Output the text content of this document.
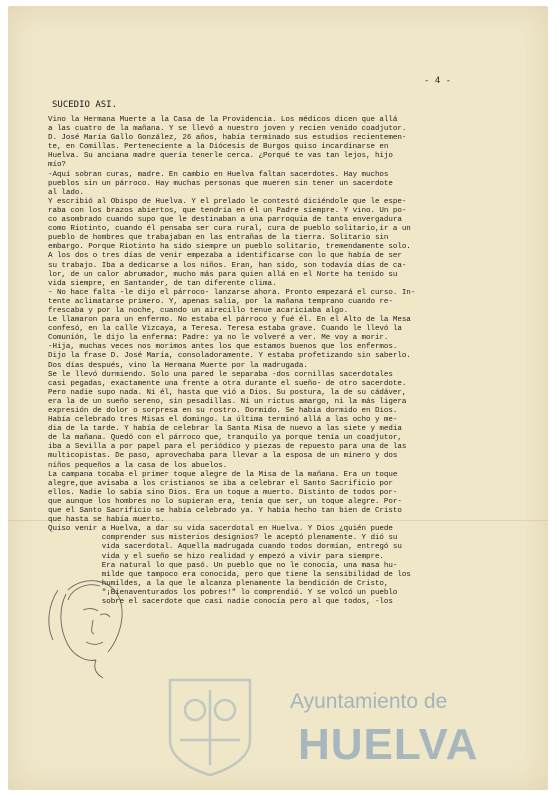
- 4 -
SUCEDIO ASI.
Vino la Hermana Muerte a la Casa de la Providencia. Los médicos dicen que allá
a las cuatro de la mañana. Y se llevó a nuestro joven y recien venido coadjutor.
D. José María Gallo González, 26 años, había terminado sus estudios recientemen-
te, en Comillas. Perteneciente a la Diócesis de Burgos quiso incardinarse en
Huelva. Su anciana madre quería tenerle cerca. ¿Porqué te vas tan lejos, hijo
mío?
-Aquí sobran curas, madre. En cambio en Huelva faltan sacerdotes. Hay muchos
pueblos sin un párroco. Hay muchas personas que mueren sin tener un sacerdote
al lado.
Y escribió al Obispo de Huelva. Y el prelado le contestó diciéndole que le espe-
raba con los brazos abiertos, que tendría en él un Padre siempre. Y vino. Un po-
co asombrado cuando supo que le destinaban a una parroquia de tanta envergadura
como Riotinto, cuando él pensaba ser cura rural, cura de pueblo solitario,ir a un
pueblo de hombres que trabajaban en las entrañas de la tierra. Solitario sin
embargo. Porque Riotinto ha sido siempre un pueblo solitario, tremendamente solo.
A los dos o tres días de venir empezaba a identificarse con lo que había de ser
su trabajo. Iba a dedicarse a los niños. Eran, han sido, son todavía días de ca-
lor, de un calor abrumador, mucho más para quien allá en el Norte ha tenido su
vida siempre, en Santander, de tan diferente clima.
- No hace falta -le dijo el párroco- lanzarse ahora. Pronto empezará el curso. In-
tente aclimatarse primero. Y, apenas salía, por la mañana temprano cuando re-
frescaba y por la noche, cuando un airecillo tenue acariciaba algo.
Le llamaron para un enfermo. No estaba el párroco y fué él. En el Alto de la Mesa
confesó, en la calle Vizcaya, a Teresa. Teresa estaba grave. Cuando le llevó la
Comunión, le dijo la enferma: Padre: ya no le volveré a ver. Me voy a morir.
-Hija, muchas veces nos morimos antes los que estamos buenos que los enfermos.
Dijo la frase D. José María, consoladoramente. Y estaba profetizando sin saberlo.
Dos días después, vino la Hermana Muerte por la madrugada.
Se le llevó durmiendo. Solo una pared le separaba -dos cornillas sacerdotales
casi pegadas, exactamente una frente a otra durante el sueño- de otro sacerdote.
Pero nadie supo nada. Ni él, hasta que vió a Dios. Su postura, la de su cádáver,
era la de un sueño sereno, sin pesadillas. Ni un rictus amargo, ni la más ligera
expresión de dolor o sorpresa en su rostro. Dormido. Se había dormido en Dios.
Había celebrado tres Misas el domingo. La última terminó allá a las ocho y me-
dia de la tarde. Y había de celebrar la Santa Misa de nuevo a las siete y media
de la mañana. Quedó con el párroco que, tranquilo ya porque tenía un coadjutor,
iba a Sevilla a por papel para el periódico y piezas de repuesto para una de las
multicopistas. De paso, aprovechaba para llevar a la esposa de un minero y dos
niños pequeños a la casa de los abuelos.
La campana tocaba el primer toque alegre de la Misa de la mañana. Era un toque
alegre,que avisaba a los cristianos se iba a celebrar el Santo Sacrificio por
ellos. Nadie lo sabía sino Dios. Era un toque a muerto. Distinto de todos por-
que aunque los hombres no lo supieran era, tenía que ser, un toque alegre. Por-
que el Santo Sacrificio se había celebrado ya. Y había hecho tan bien de Cristo
que hasta se había muerto.
Quiso venir a Huelva, a dar su vida sacerdotal en Huelva. Y Dios ¿quién puede
comprender sus misterios designios? le aceptó plenamente. Y dió su
vida sacerdotal. Aquella madrugada cuando todos dormían, entregó su
vida y el sueño se hizo realidad y empezó a vivir para siempre.
Era natural lo que pasó. Un pueblo que no le conocía, una masa hu-
milde que tampoco era conocida, pero que tiene la sensibilidad de los
humildes, a la que le alcanza plenamente la bendición de Cristo,
"¡Bienaventurados los pobres!" lo comprendió. Y se volcó un pueblo
sobre el sacerdote que casi nadie conocía pero al que todos, -los
Ayuntamiento de
HUELVA
